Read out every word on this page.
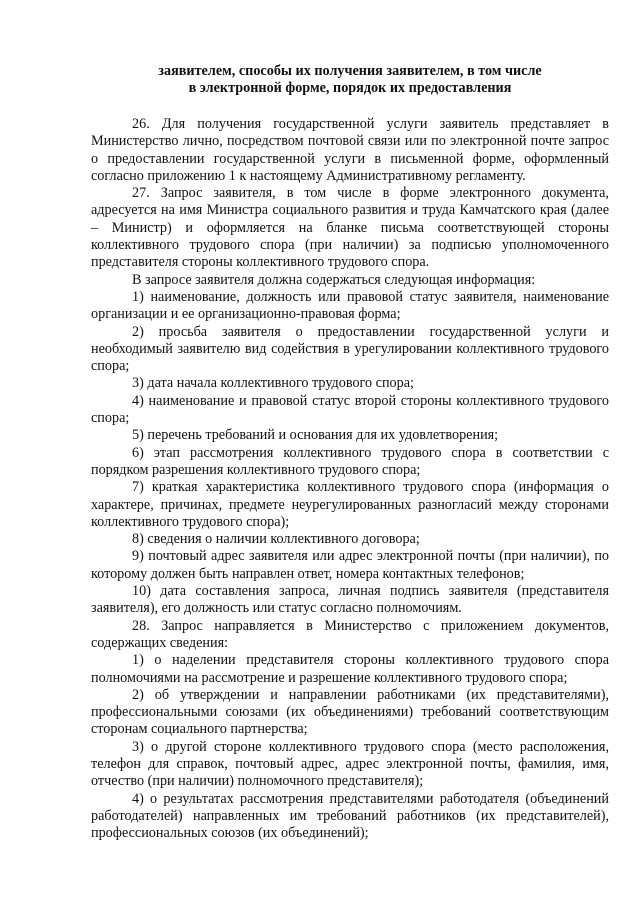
заявителем, способы их получения заявителем, в том числе
в электронной форме, порядок их предоставления

26. Для получения государственной услуги заявитель представляет в Министерство лично, посредством почтовой связи или по электронной почте запрос о предоставлении государственной услуги в письменной форме, оформленный согласно приложению 1 к настоящему Административному регламенту.

27. Запрос заявителя, в том числе в форме электронного документа, адресуется на имя Министра социального развития и труда Камчатского края (далее – Министр) и оформляется на бланке письма соответствующей стороны коллективного трудового спора (при наличии) за подписью уполномоченного представителя стороны коллективного трудового спора.

В запросе заявителя должна содержаться следующая информация:

1) наименование, должность или правовой статус заявителя, наименование организации и ее организационно-правовая форма;

2) просьба заявителя о предоставлении государственной услуги и необходимый заявителю вид содействия в урегулировании коллективного трудового спора;

3) дата начала коллективного трудового спора;

4) наименование и правовой статус второй стороны коллективного трудового спора;

5) перечень требований и основания для их удовлетворения;

6) этап рассмотрения коллективного трудового спора в соответствии с порядком разрешения коллективного трудового спора;

7) краткая характеристика коллективного трудового спора (информация о характере, причинах, предмете неурегулированных разногласий между сторонами коллективного трудового спора);

8) сведения о наличии коллективного договора;

9) почтовый адрес заявителя или адрес электронной почты (при наличии), по которому должен быть направлен ответ, номера контактных телефонов;

10) дата составления запроса, личная подпись заявителя (представителя заявителя), его должность или статус согласно полномочиям.

28. Запрос направляется в Министерство с приложением документов, содержащих сведения:

1) о наделении представителя стороны коллективного трудового спора полномочиями на рассмотрение и разрешение коллективного трудового спора;

2) об утверждении и направлении работниками (их представителями), профессиональными союзами (их объединениями) требований соответствующим сторонам социального партнерства;

3) о другой стороне коллективного трудового спора (место расположения, телефон для справок, почтовый адрес, адрес электронной почты, фамилия, имя, отчество (при наличии) полномочного представителя);

4) о результатах рассмотрения представителями работодателя (объединений работодателей) направленных им требований работников (их представителей), профессиональных союзов (их объединений);
